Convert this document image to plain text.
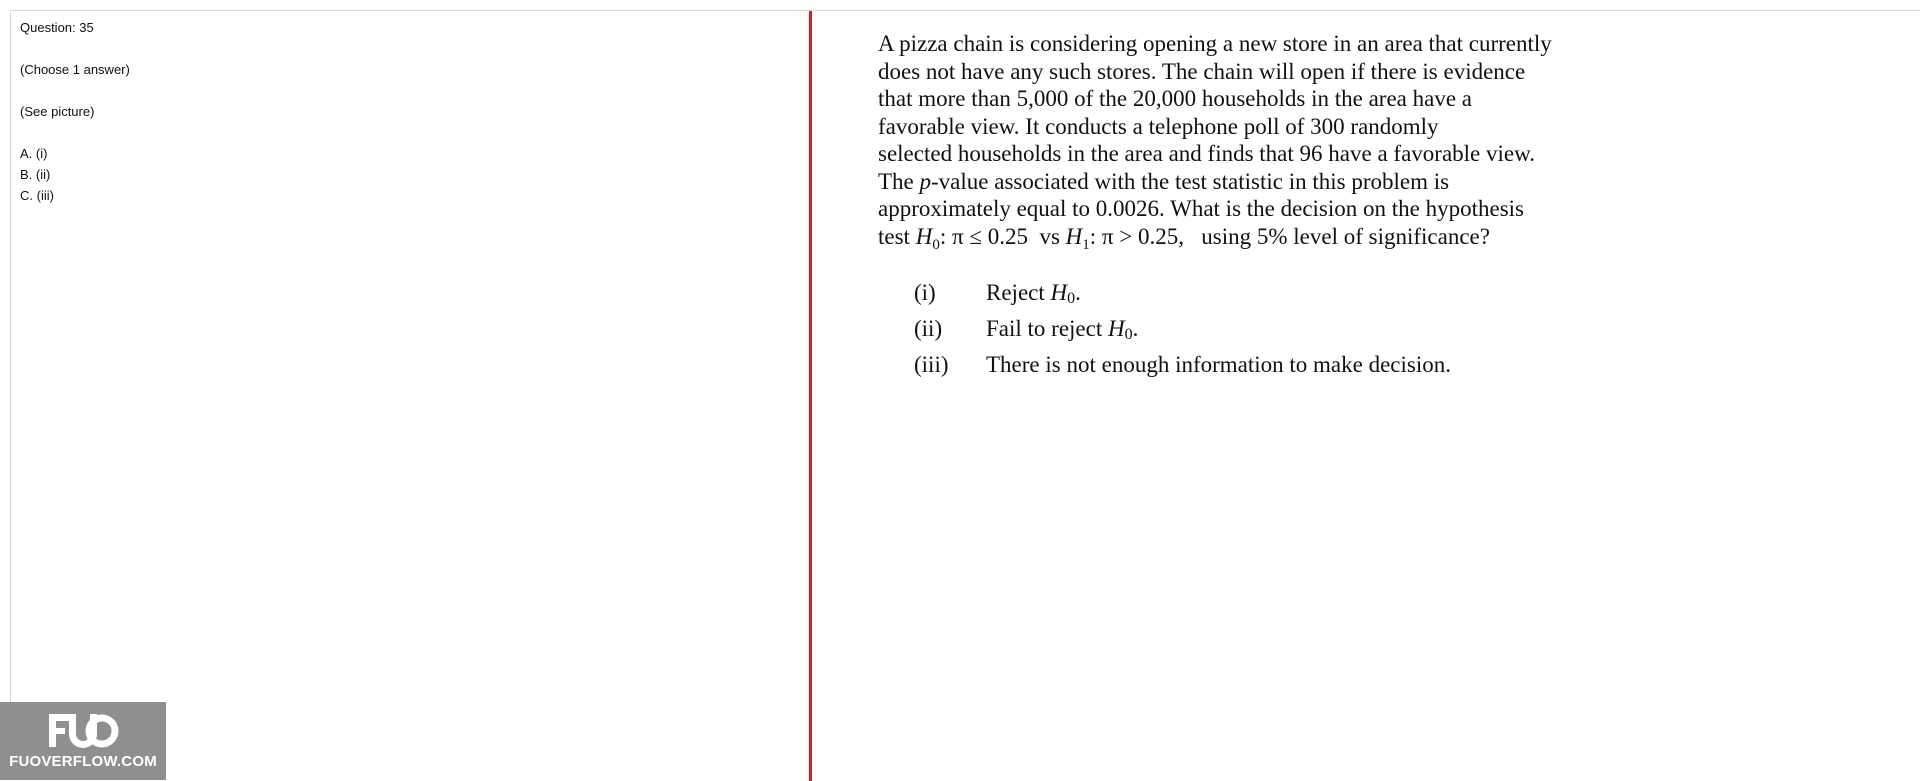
Question: 35
(Choose 1 answer)
(See picture)
A. (i)
B. (ii)
C. (iii)
A pizza chain is considering opening a new store in an area that currently
does not have any such stores. The chain will open if there is evidence
that more than 5,000 of the 20,000 households in the area have a
favorable view. It conducts a telephone poll of 300 randomly
selected households in the area and finds that 96 have a favorable view.
The p-value associated with the test statistic in this problem is
approximately equal to 0.0026. What is the decision on the hypothesis
test $H_0$: π ≤ 0.25  vs $H_1$: π > 0.25,   using 5% level of significance?
(i) Reject H0.
(ii) Fail to reject H0.
(iii) There is not enough information to make decision.
FUOVERFLOW.COM
